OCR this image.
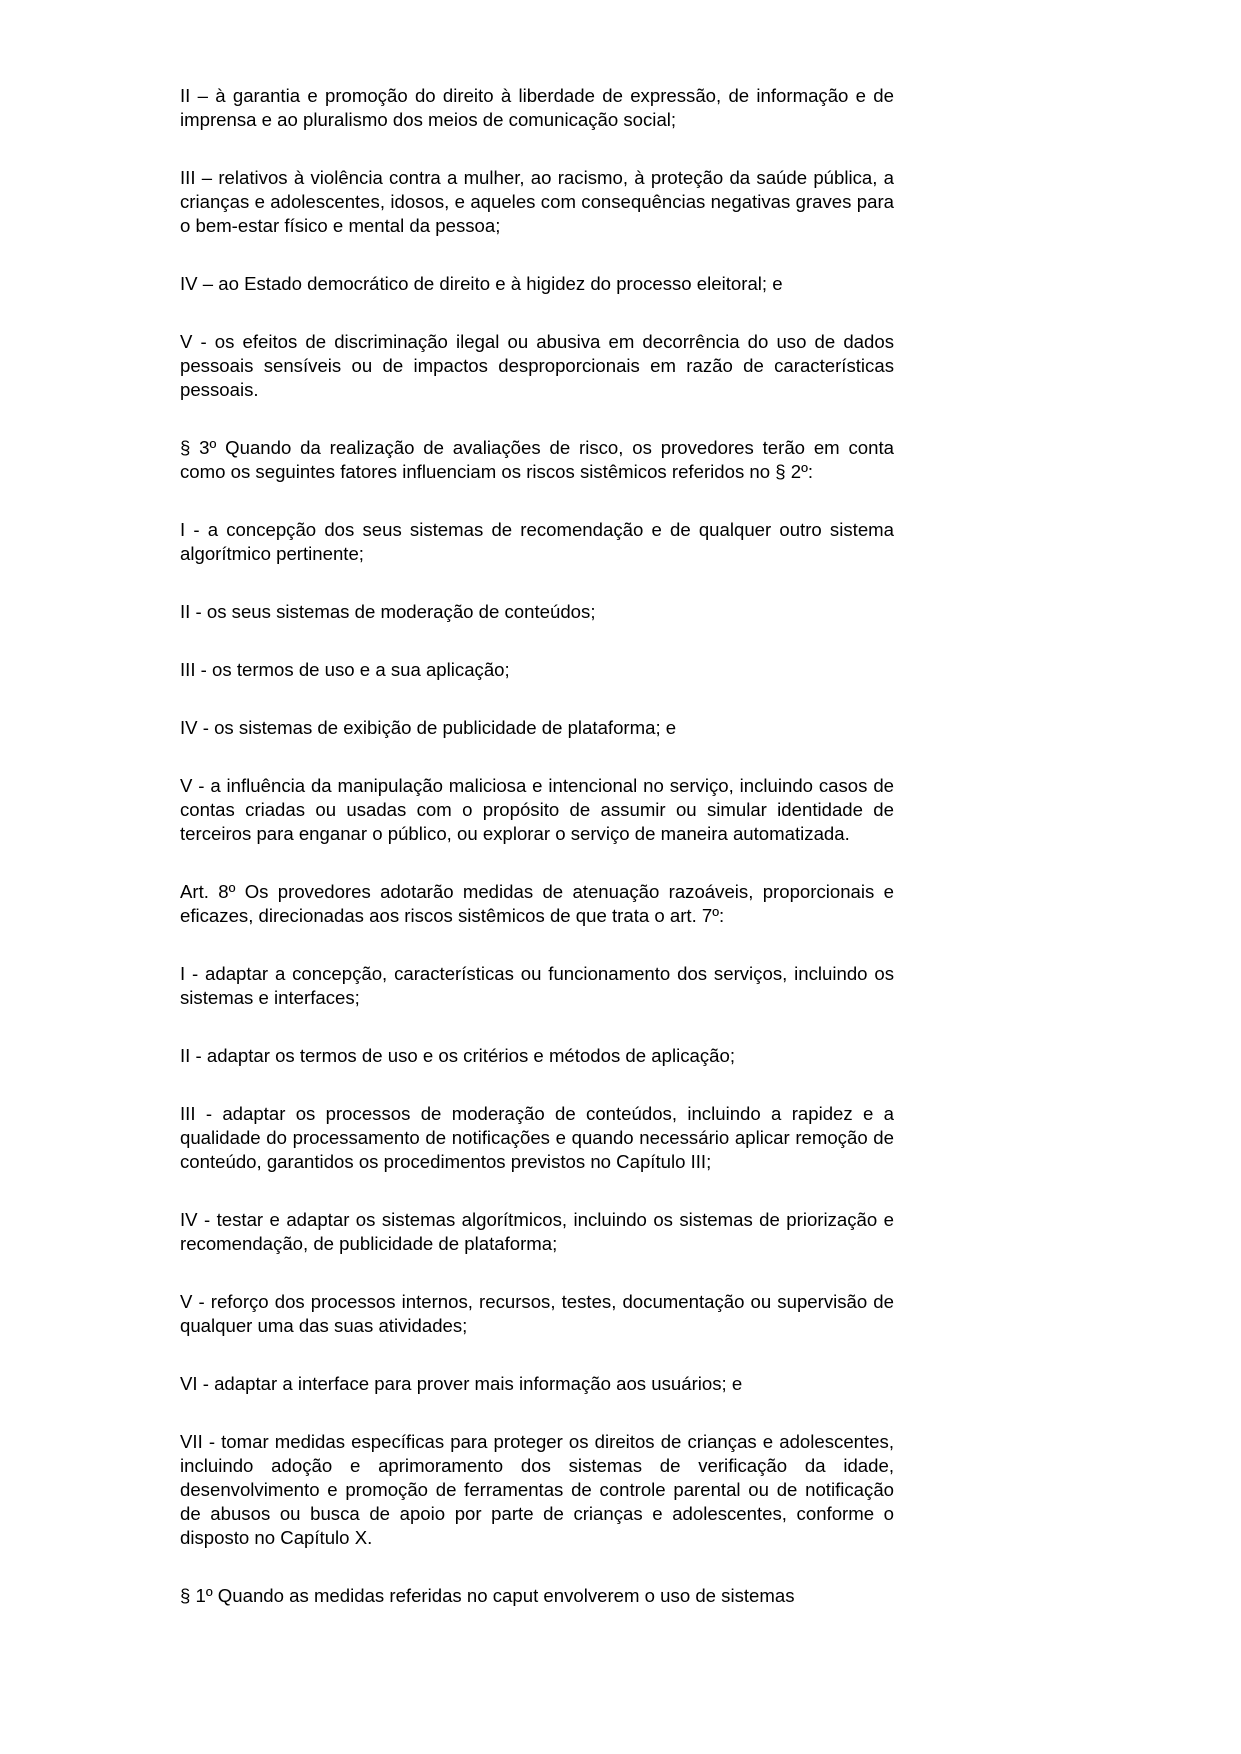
II – à garantia e promoção do direito à liberdade de expressão, de informação e de imprensa e ao pluralismo dos meios de comunicação social;

III – relativos à violência contra a mulher, ao racismo, à proteção da saúde pública, a crianças e adolescentes, idosos, e aqueles com consequências negativas graves para o bem-estar físico e mental da pessoa;

IV – ao Estado democrático de direito e à higidez do processo eleitoral; e

V - os efeitos de discriminação ilegal ou abusiva em decorrência do uso de dados pessoais sensíveis ou de impactos desproporcionais em razão de características pessoais.

§ 3º Quando da realização de avaliações de risco, os provedores terão em conta como os seguintes fatores influenciam os riscos sistêmicos referidos no § 2º:

I - a concepção dos seus sistemas de recomendação e de qualquer outro sistema algorítmico pertinente;

II - os seus sistemas de moderação de conteúdos;

III - os termos de uso e a sua aplicação;

IV - os sistemas de exibição de publicidade de plataforma; e

V - a influência da manipulação maliciosa e intencional no serviço, incluindo casos de contas criadas ou usadas com o propósito de assumir ou simular identidade de terceiros para enganar o público, ou explorar o serviço de maneira automatizada.

Art. 8º Os provedores adotarão medidas de atenuação razoáveis, proporcionais e eficazes, direcionadas aos riscos sistêmicos de que trata o art. 7º:

I - adaptar a concepção, características ou funcionamento dos serviços, incluindo os sistemas e interfaces;

II - adaptar os termos de uso e os critérios e métodos de aplicação;

III - adaptar os processos de moderação de conteúdos, incluindo a rapidez e a qualidade do processamento de notificações e quando necessário aplicar remoção de conteúdo, garantidos os procedimentos previstos no Capítulo III;

IV - testar e adaptar os sistemas algorítmicos, incluindo os sistemas de priorização e recomendação, de publicidade de plataforma;

V - reforço dos processos internos, recursos, testes, documentação ou supervisão de qualquer uma das suas atividades;

VI - adaptar a interface para prover mais informação aos usuários; e

VII - tomar medidas específicas para proteger os direitos de crianças e adolescentes, incluindo adoção e aprimoramento dos sistemas de verificação da idade, desenvolvimento e promoção de ferramentas de controle parental ou de notificação de abusos ou busca de apoio por parte de crianças e adolescentes, conforme o disposto no Capítulo X.

§ 1º Quando as medidas referidas no caput envolverem o uso de sistemas
